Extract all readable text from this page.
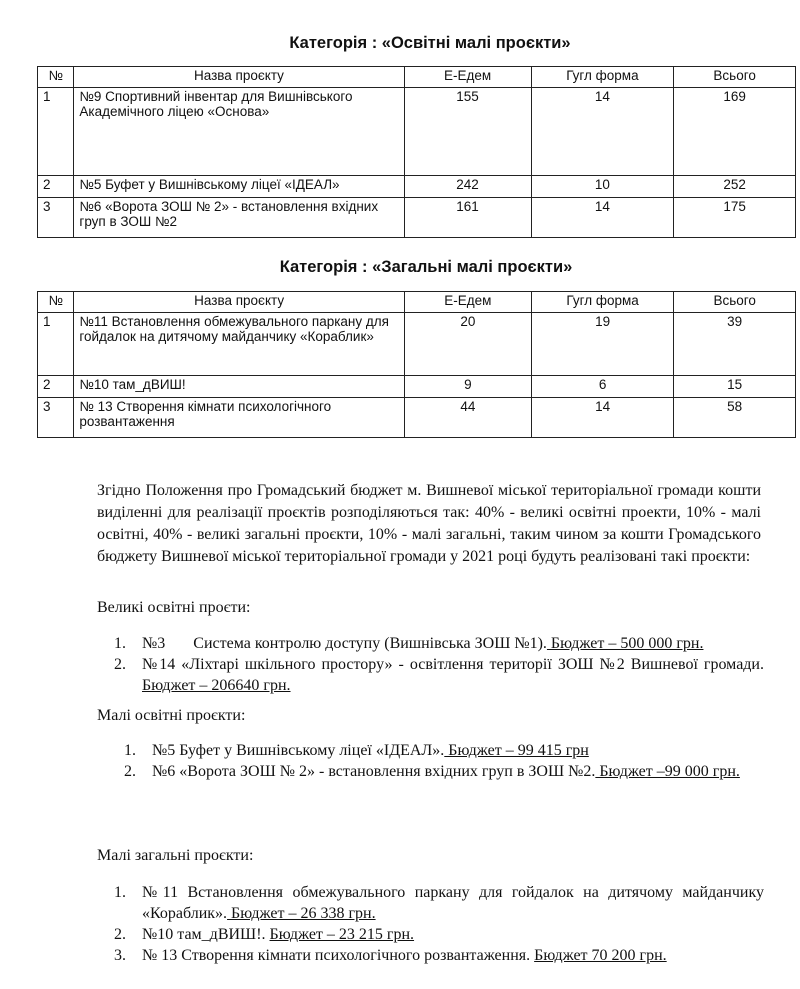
Категорія : «Освітні малі проєкти»
№	Назва проєкту	Е-Едем	Гугл форма	Всього
1	№9 Спортивний інвентар для Вишнівського Академічного ліцею «Основа»	155	14	169
2	№5 Буфет у Вишнівському ліцеї «ІДЕАЛ»	242	10	252
3	№6 «Ворота ЗОШ № 2» - встановлення вхідних груп в ЗОШ №2	161	14	175
Категорія : «Загальні малі проєкти»
№	Назва проєкту	Е-Едем	Гугл форма	Всього
1	№11 Встановлення обмежувального паркану для гойдалок на дитячому майданчику «Кораблик»	20	19	39
2	№10 там_дВИШ!	9	6	15
3	№ 13 Створення кімнати психологічного розвантаження	44	14	58

Згідно Положення про Громадський бюджет м. Вишневої міської територіальної громади кошти виділенні для реалізації проєктів розподіляються так: 40% - великі освітні проекти, 10% - малі освітні, 40% - великі загальні проєкти, 10% - малі загальні, таким чином за кошти Громадського бюджету Вишневої міської територіальної громади у 2021 році будуть реалізовані такі проєкти:

Великі освітні проєти:
1. №3 Система контролю доступу (Вишнівська ЗОШ №1). Бюджет – 500 000 грн.
2. №14 «Ліхтарі шкільного простору» - освітлення території ЗОШ №2 Вишневої громади. Бюджет – 206640 грн.
Малі освітні проєкти:
1. №5 Буфет у Вишнівському ліцеї «ІДЕАЛ». Бюджет – 99 415 грн
2. №6 «Ворота ЗОШ № 2» - встановлення вхідних груп в ЗОШ №2. Бюджет –99 000 грн.
Малі загальні проєкти:
1. №11 Встановлення обмежувального паркану для гойдалок на дитячому майданчику «Кораблик». Бюджет – 26 338 грн.
2. №10 там_дВИШ!. Бюджет – 23 215 грн.
3. № 13 Створення кімнати психологічного розвантаження. Бюджет 70 200 грн.
